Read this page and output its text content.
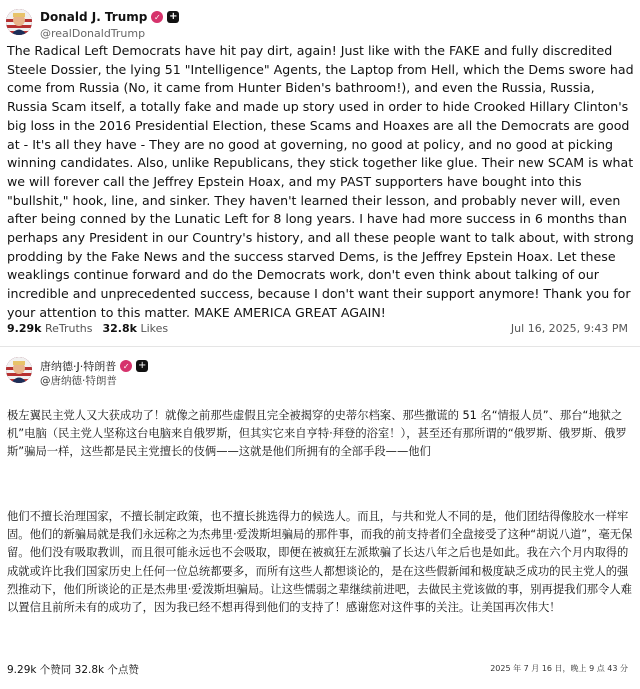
Donald J. Trump ✓ +
@realDonaldTrump
The Radical Left Democrats have hit pay dirt, again! Just like with the FAKE and fully discredited Steele Dossier, the lying 51 "Intelligence" Agents, the Laptop from Hell, which the Dems swore had come from Russia (No, it came from Hunter Biden's bathroom!), and even the Russia, Russia, Russia Scam itself, a totally fake and made up story used in order to hide Crooked Hillary Clinton's big loss in the 2016 Presidential Election, these Scams and Hoaxes are all the Democrats are good at - It's all they have - They are no good at governing, no good at policy, and no good at picking winning candidates. Also, unlike Republicans, they stick together like glue. Their new SCAM is what we will forever call the Jeffrey Epstein Hoax, and my PAST supporters have bought into this "bullshit," hook, line, and sinker. They haven't learned their lesson, and probably never will, even after being conned by the Lunatic Left for 8 long years. I have had more success in 6 months than perhaps any President in our Country's history, and all these people want to talk about, with strong prodding by the Fake News and the success starved Dems, is the Jeffrey Epstein Hoax. Let these weaklings continue forward and do the Democrats work, don't even think about talking of our incredible and unprecedented success, because I don't want their support anymore! Thank you for your attention to this matter. MAKE AMERICA GREAT AGAIN!
9.29k ReTruths 32.8k Likes	Jul 16, 2025, 9:43 PM
唐纳德·J·特朗普 ✓ +
@唐纳德·特朗普
极左翼民主党人又大获成功了！就像之前那些虚假且完全被揭穿的史蒂尔档案、那些撒谎的 51 名“情报人员”、那台“地狱之机”电脑（民主党人坚称这台电脑来自俄罗斯，但其实它来自亨特·拜登的浴室！），甚至还有那所谓的“俄罗斯、俄罗斯、俄罗斯”骗局一样，这些都是民主党擅长的伎俩——这就是他们所拥有的全部手段——他们
他们不擅长治理国家，不擅长制定政策，也不擅长挑选得力的候选人。而且，与共和党人不同的是，他们团结得像胶水一样牢固。他们的新骗局就是我们永远称之为杰弗里·爱泼斯坦骗局的那件事，而我的前支持者们全盘接受了这种“胡说八道”，毫无保留。他们没有吸取教训，而且很可能永远也不会吸取，即便在被疯狂左派欺骗了长达八年之后也是如此。我在六个月内取得的成就或许比我们国家历史上任何一位总统都要多，而所有这些人都想谈论的，是在这些假新闻和极度缺乏成功的民主党人的强烈推动下，他们所谈论的正是杰弗里·爱泼斯坦骗局。让这些懦弱之辈继续前进吧，去做民主党该做的事，别再提我们那令人难以置信且前所未有的成功了，因为我已经不想再得到他们的支持了！感谢您对这件事的关注。让美国再次伟大！
9.29k 个赞同 32.8k 个点赞	2025 年 7 月 16 日，晚上 9 点 43 分
